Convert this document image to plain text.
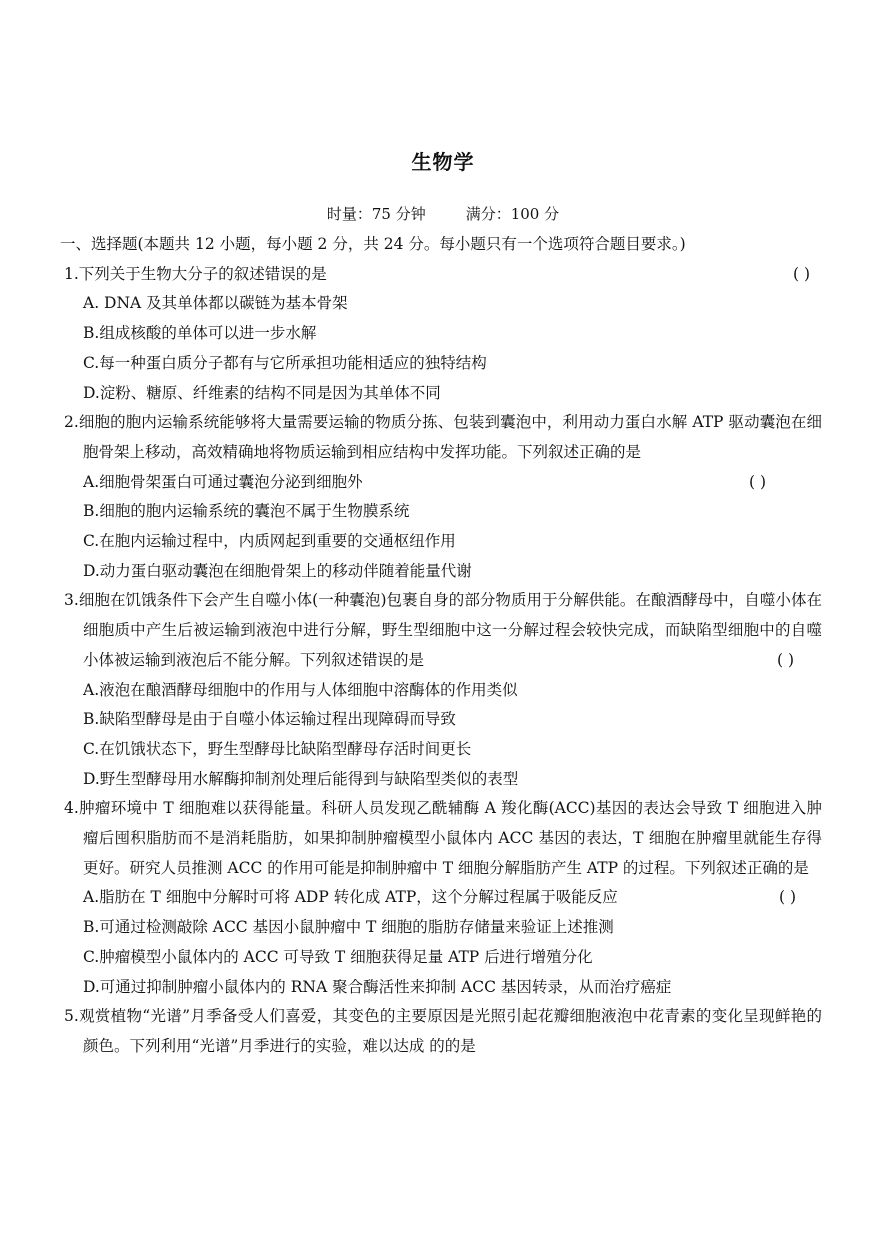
生物学
时量：75 分钟	满分：100 分
一、选择题(本题共 12 小题，每小题 2 分，共 24 分。每小题只有一个选项符合题目要求。)
1.下列关于生物大分子的叙述错误的是	( )
A. DNA 及其单体都以碳链为基本骨架
B.组成核酸的单体可以进一步水解
C.每一种蛋白质分子都有与它所承担功能相适应的独特结构
D.淀粉、糖原、纤维素的结构不同是因为其单体不同
2.细胞的胞内运输系统能够将大量需要运输的物质分拣、包装到囊泡中，利用动力蛋白水解 ATP 驱动囊泡在细胞骨架上移动，高效精确地将物质运输到相应结构中发挥功能。下列叙述正确的是

( )
A.细胞骨架蛋白可通过囊泡分泌到细胞外
B.细胞的胞内运输系统的囊泡不属于生物膜系统
C.在胞内运输过程中，内质网起到重要的交通枢纽作用
D.动力蛋白驱动囊泡在细胞骨架上的移动伴随着能量代谢
3.细胞在饥饿条件下会产生自噬小体(一种囊泡)包裹自身的部分物质用于分解供能。在酿酒酵母中，自噬小体在细胞质中产生后被运输到液泡中进行分解，野生型细胞中这一分解过程会较快完成，而缺陷型细胞中的自噬小体被运输到液泡后不能分解。下列叙述错误的是	( )
A.液泡在酿酒酵母细胞中的作用与人体细胞中溶酶体的作用类似
B.缺陷型酵母是由于自噬小体运输过程出现障碍而导致
C.在饥饿状态下，野生型酵母比缺陷型酵母存活时间更长
D.野生型酵母用水解酶抑制剂处理后能得到与缺陷型类似的表型
4.肿瘤环境中 T 细胞难以获得能量。科研人员发现乙酰辅酶 A 羧化酶(ACC)基因的表达会导致 T 细胞进入肿瘤后囤积脂肪而不是消耗脂肪，如果抑制肿瘤模型小鼠体内 ACC 基因的表达，T 细胞在肿瘤里就能生存得更好。研究人员推测 ACC 的作用可能是抑制肿瘤中 T 细胞分解脂肪产生 ATP 的过程。下列叙述正确的是
( )
A.脂肪在 T 细胞中分解时可将 ADP 转化成 ATP，这个分解过程属于吸能反应
B.可通过检测敲除 ACC 基因小鼠肿瘤中 T 细胞的脂肪存储量来验证上述推测
C.肿瘤模型小鼠体内的 ACC 可导致 T 细胞获得足量 ATP 后进行增殖分化
D.可通过抑制肿瘤小鼠体内的 RNA 聚合酶活性来抑制 ACC 基因转录，从而治疗癌症
5.观赏植物“光谱”月季备受人们喜爱，其变色的主要原因是光照引起花瓣细胞液泡中花青素的变化呈现鲜艳的颜色。下列利用“光谱”月季进行的实验，难以达成 的的是
